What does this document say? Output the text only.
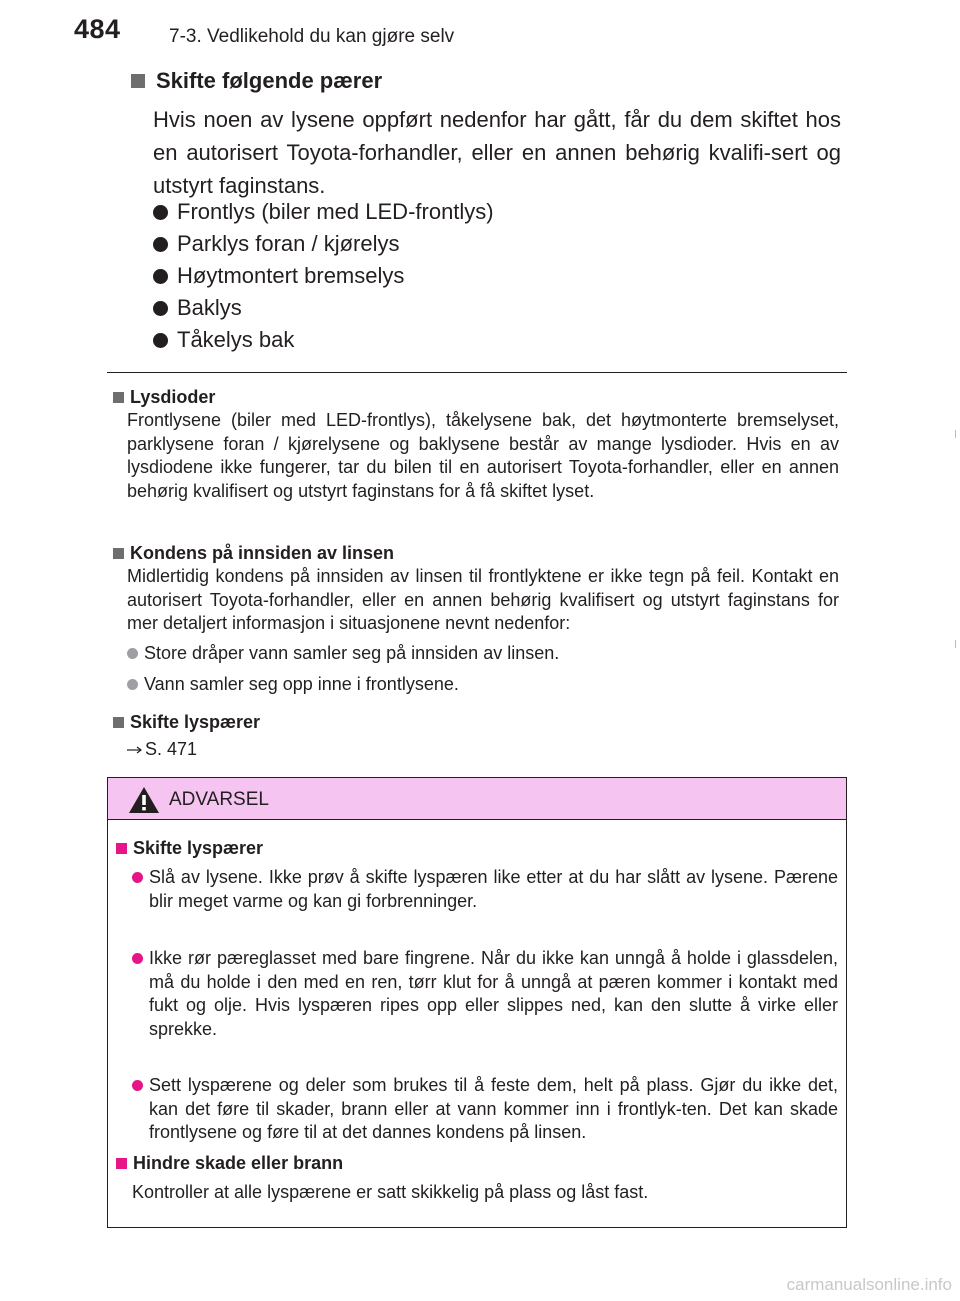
484	7-3. Vedlikehold du kan gjøre selv
Skifte følgende pærer
Hvis noen av lysene oppført nedenfor har gått, får du dem skiftet hos en autorisert Toyota-forhandler, eller en annen behørig kvalifi-sert og utstyrt faginstans.
Frontlys (biler med LED-frontlys)
Parklys foran / kjørelys
Høytmontert bremselys
Baklys
Tåkelys bak
Lysdioder
Frontlysene (biler med LED-frontlys), tåkelysene bak, det høytmonterte bremselyset, parklysene foran / kjørelysene og baklysene består av mange lysdioder. Hvis en av lysdiodene ikke fungerer, tar du bilen til en autorisert Toyota-forhandler, eller en annen behørig kvalifisert og utstyrt faginstans for å få skiftet lyset.
Kondens på innsiden av linsen
Midlertidig kondens på innsiden av linsen til frontlyktene er ikke tegn på feil. Kontakt en autorisert Toyota-forhandler, eller en annen behørig kvalifisert og utstyrt faginstans for mer detaljert informasjon i situasjonene nevnt nedenfor:
Store dråper vann samler seg på innsiden av linsen.
Vann samler seg opp inne i frontlysene.
Skifte lyspærer
S. 471
ADVARSEL
Skifte lyspærer
Slå av lysene. Ikke prøv å skifte lyspæren like etter at du har slått av lysene. Pærene blir meget varme og kan gi forbrenninger.
Ikke rør pæreglasset med bare fingrene. Når du ikke kan unngå å holde i glassdelen, må du holde i den med en ren, tørr klut for å unngå at pæren kommer i kontakt med fukt og olje. Hvis lyspæren ripes opp eller slippes ned, kan den slutte å virke eller sprekke.
Sett lyspærene og deler som brukes til å feste dem, helt på plass. Gjør du ikke det, kan det føre til skader, brann eller at vann kommer inn i frontlyk-ten. Det kan skade frontlysene og føre til at det dannes kondens på linsen.
Hindre skade eller brann
Kontroller at alle lyspærene er satt skikkelig på plass og låst fast.
carmanualsonline.info
